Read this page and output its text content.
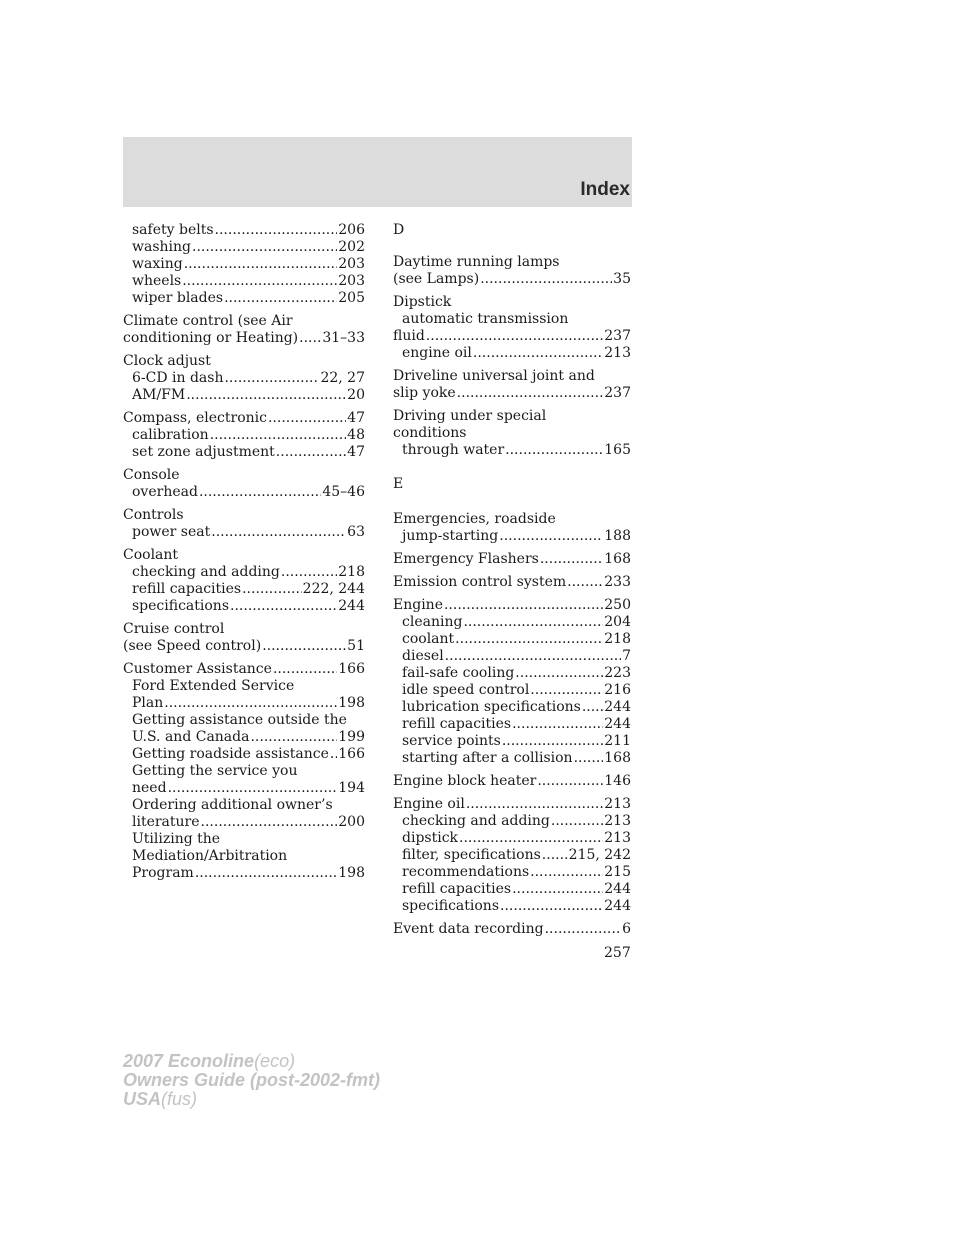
Index
safety belts .....	206
washing .....	202
waxing .....	203
wheels .....	203
wiper blades .....	205
Climate control (see Air
conditioning or Heating) ..... 31–33
Clock adjust
6-CD in dash .....	22, 27
AM/FM .....	20
Compass, electronic .....	47
calibration .....	48
set zone adjustment .....	47
Console
overhead .....	45–46
Controls
power seat .....	63
Coolant
checking and adding .....	218
refill capacities .....	222, 244
specifications .....	244
Cruise control
(see Speed control) .....	51
Customer Assistance .....	166
Ford Extended Service
Plan .....	198
Getting assistance outside the
U.S. and Canada .....	199
Getting roadside assistance ..... 166
Getting the service you
need .....	194
Ordering additional owner’s
literature .....	200
Utilizing the
Mediation/Arbitration
Program .....	198
D
Daytime running lamps
(see Lamps) .....	35
Dipstick
automatic transmission
fluid .....	237
engine oil .....	213
Driveline universal joint and
slip yoke .....	237
Driving under special
conditions
through water .....	165
E
Emergencies, roadside
jump-starting .....	188
Emergency Flashers .....	168
Emission control system .....	233
Engine .....	250
cleaning .....	204
coolant .....	218
diesel .....	7
fail-safe cooling .....	223
idle speed control .....	216
lubrication specifications ..... 244
refill capacities .....	244
service points .....	211
starting after a collision ..... 168
Engine block heater .....	146
Engine oil .....	213
checking and adding .....	213
dipstick .....	213
filter, specifications ..... 215, 242
recommendations .....	215
refill capacities .....	244
specifications .....	244
Event data recording .....	6
257
2007 Econoline(eco)
Owners Guide (post-2002-fmt)
USA(fus)
